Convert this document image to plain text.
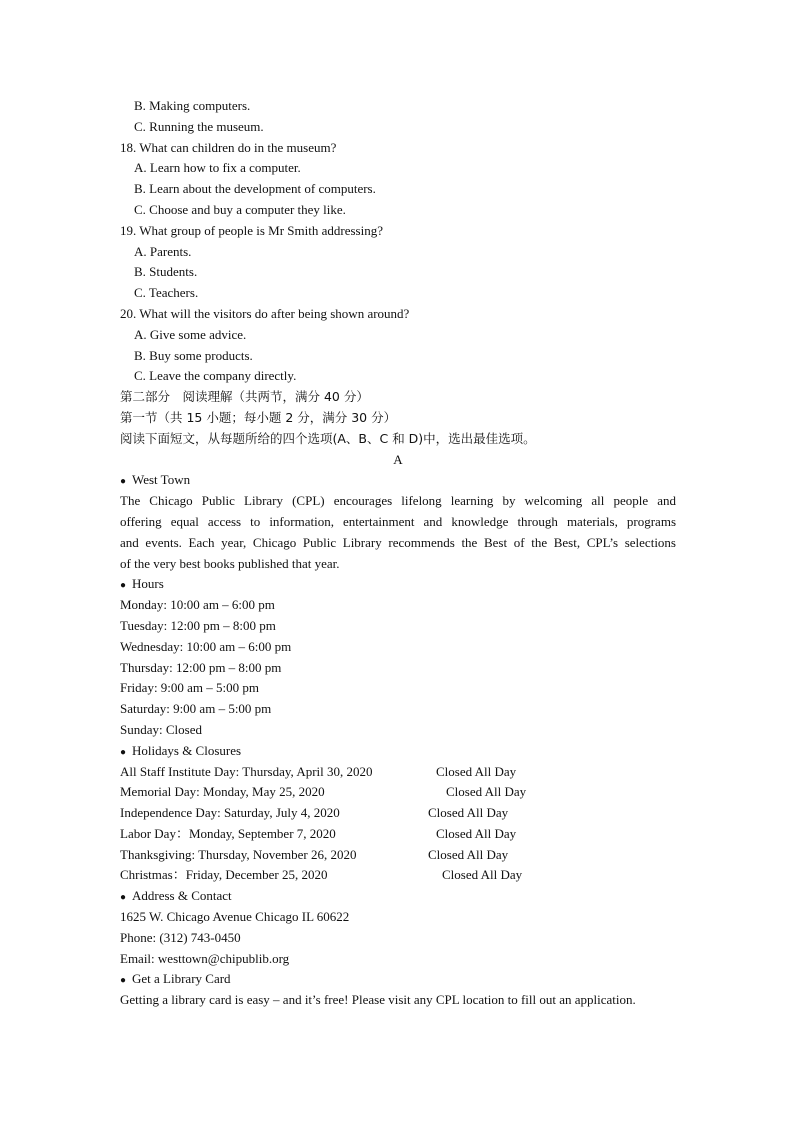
B. Making computers.
C. Running the museum.
18. What can children do in the museum?
A. Learn how to fix a computer.
B. Learn about the development of computers.
C. Choose and buy a computer they like.
19. What group of people is Mr Smith addressing?
A. Parents.
B. Students.
C. Teachers.
20. What will the visitors do after being shown around?
A. Give some advice.
B. Buy some products.
C. Leave the company directly.
第二部分　阅读理解（共两节，满分 40 分）
第一节（共 15 小题；每小题 2 分，满分 30 分）
阅读下面短文，从每题所给的四个选项(A、B、C 和 D)中，选出最佳选项。
A
● West Town
The Chicago Public Library (CPL) encourages lifelong learning by welcoming all people and
offering equal access to information, entertainment and knowledge through materials, programs
and events. Each year, Chicago Public Library recommends the Best of the Best, CPL’s selections
of the very best books published that year.
● Hours
Monday: 10:00 am – 6:00 pm
Tuesday: 12:00 pm – 8:00 pm
Wednesday: 10:00 am – 6:00 pm
Thursday: 12:00 pm – 8:00 pm
Friday: 9:00 am – 5:00 pm
Saturday: 9:00 am – 5:00 pm
Sunday: Closed
● Holidays & Closures
All Staff Institute Day: Thursday, April 30, 2020	Closed All Day
Memorial Day: Monday, May 25, 2020	Closed All Day
Independence Day: Saturday, July 4, 2020	Closed All Day
Labor Day：Monday, September 7, 2020	Closed All Day
Thanksgiving: Thursday, November 26, 2020	Closed All Day
Christmas：Friday, December 25, 2020	Closed All Day
● Address & Contact
1625 W. Chicago Avenue Chicago IL 60622
Phone: (312) 743-0450
Email: westtown@chipublib.org
● Get a Library Card
Getting a library card is easy – and it’s free! Please visit any CPL location to fill out an application.
